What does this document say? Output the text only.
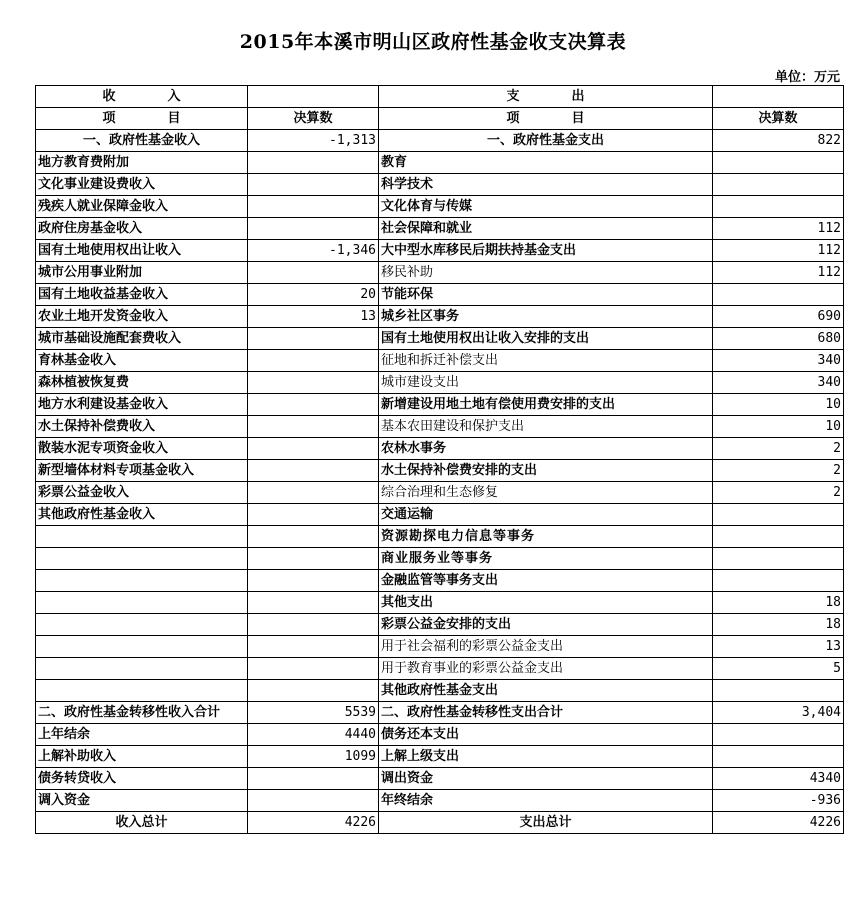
2015年本溪市明山区政府性基金收支决算表
单位：万元
收　　　　入		支　　　　出	
项　　　　目	决算数	项　　　　目	决算数
一、政府性基金收入	-1,313	一、政府性基金支出	822
地方教育费附加		教育	
文化事业建设费收入		科学技术	
残疾人就业保障金收入		文化体育与传媒	
政府住房基金收入		社会保障和就业	112
国有土地使用权出让收入	-1,346	大中型水库移民后期扶持基金支出	112
城市公用事业附加		移民补助	112
国有土地收益基金收入	20	节能环保	
农业土地开发资金收入	13	城乡社区事务	690
城市基础设施配套费收入		国有土地使用权出让收入安排的支出	680
育林基金收入		征地和拆迁补偿支出	340
森林植被恢复费		城市建设支出	340
地方水利建设基金收入		新增建设用地土地有偿使用费安排的支出	10
水土保持补偿费收入		基本农田建设和保护支出	10
散装水泥专项资金收入		农林水事务	2
新型墙体材料专项基金收入		水土保持补偿费安排的支出	2
彩票公益金收入		综合治理和生态修复	2
其他政府性基金收入		交通运输	
		资源勘探电力信息等事务	
		商业服务业等事务	
		金融监管等事务支出	
		其他支出	18
		彩票公益金安排的支出	18
		用于社会福利的彩票公益金支出	13
		用于教育事业的彩票公益金支出	5
		其他政府性基金支出	
二、政府性基金转移性收入合计	5539	二、政府性基金转移性支出合计	3,404
上年结余	4440	债务还本支出	
上解补助收入	1099	上解上级支出	
债务转贷收入		调出资金	4340
调入资金		年终结余	-936
收入总计	4226	支出总计	4226
